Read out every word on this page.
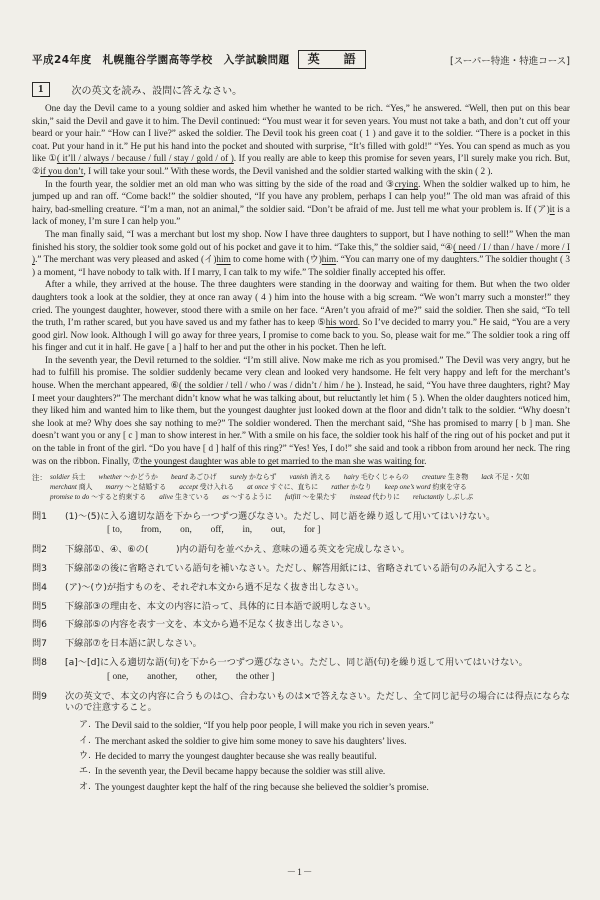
平成24年度　札幌龍谷学園高等学校　入学試験問題	英　　語	[スーパー特進・特進コース]
1	次の英文を読み、設問に答えなさい。

One day the Devil came to a young soldier and asked him whether he wanted to be rich. “Yes,” he answered. “Well, then put on this bear skin,” said the Devil and gave it to him. The Devil continued: “You must wear it for seven years. You must not take a bath, and don’t cut off your beard or your hair.” “How can I live?” asked the soldier. The Devil took his green coat ( 1 ) and gave it to the soldier. “There is a pocket in this coat. Put your hand in it.” He put his hand into the pocket and shouted with surprise, “It’s filled with gold!” “Yes. You can spend as much as you like ①( it’ll / always / because / full / stay / gold / of ). If you really are able to keep this promise for seven years, I’ll surely make you rich. But, ②if you don’t, I will take your soul.” With these words, the Devil vanished and the soldier started walking with the skin ( 2 ).

In the fourth year, the soldier met an old man who was sitting by the side of the road and ③crying. When the soldier walked up to him, he jumped up and ran off. “Come back!” the soldier shouted, “If you have any problem, perhaps I can help you!” The old man was afraid of this hairy, bad-smelling creature. “I’m a man, not an animal,” the soldier said. “Don’t be afraid of me. Just tell me what your problem is. If (ア)it is a lack of money, I’m sure I can help you.”

The man finally said, “I was a merchant but lost my shop. Now I have three daughters to support, but I have nothing to sell!” When the man finished his story, the soldier took some gold out of his pocket and gave it to him. “Take this,” the soldier said, “④( need / I / than / have / more / I ).” The merchant was very pleased and asked (イ)him to come home with (ウ)him. “You can marry one of my daughters.” The soldier thought ( 3 ) a moment, “I have nobody to talk with. If I marry, I can talk to my wife.” The soldier finally accepted his offer.

After a while, they arrived at the house. The three daughters were standing in the doorway and waiting for them. But when the two older daughters took a look at the soldier, they at once ran away ( 4 ) him into the house with a big scream. “We won’t marry such a monster!” they cried. The youngest daughter, however, stood there with a smile on her face. “Aren’t you afraid of me?” said the soldier. Then she said, “To tell the truth, I’m rather scared, but you have saved us and my father has to keep ⑤his word. So I’ve decided to marry you.” He said, “You are a very good girl. Now look. Although I will go away for three years, I promise to come back to you. So, please wait for me.” The soldier took a ring off his finger and cut it in half. He gave [ a ] half to her and put the other in his pocket. Then he left.

In the seventh year, the Devil returned to the soldier. “I’m still alive. Now make me rich as you promised.” The Devil was very angry, but he had to fulfill his promise. The soldier suddenly became very clean and looked very handsome. He felt very happy and left for the merchant’s house. When the merchant appeared, ⑥( the soldier / tell / who / was / didn’t / him / he ). Instead, he said, “You have three daughters, right? May I meet your daughters?” The merchant didn’t know what he was talking about, but reluctantly let him ( 5 ). When the older daughters noticed him, they liked him and wanted him to like them, but the youngest daughter just looked down at the floor and didn’t talk to the soldier. “Why doesn’t she look at me? Why does she say nothing to me?” The soldier wondered. Then the merchant said, “She has promised to marry [ b ] man. She doesn’t want you or any [ c ] man to show interest in her.” With a smile on his face, the soldier took his half of the ring out of his pocket and put it on the table in front of the girl. “Do you have [ d ] half of this ring?” “Yes! Yes, I do!” she said and took a ribbon from around her neck. The ring was on the ribbon. Finally, ⑦the youngest daughter was able to get married to the man she was waiting for.

注： soldier 兵士 whether ～かどうか beard あごひげ surely かならず vanish 消える hairy 毛むくじゃらの creature 生き物 lack 不足・欠如
merchant 商人 marry ～と結婚する accept 受け入れる at once すぐに、直ちに rather かなり keep one’s word 約束を守る
promise to do ～すると約束する alive 生きている as ～するように fulfill ～を果たす instead 代わりに reluctantly しぶしぶ
問1	(1)～(5)に入る適切な語を下から一つずつ選びなさい。ただし、同じ語を繰り返して用いてはいけない。
[ to,　　from,　　on,　　off,　　in,　　out,　　for ]
問2	下線部①、④、⑥の(　　　)内の語句を並べかえ、意味の通る英文を完成しなさい。
問3	下線部②の後に省略されている語句を補いなさい。ただし、解答用紙には、省略されている語句のみ記入すること。
問4	(ア)～(ウ)が指すものを、それぞれ本文から過不足なく抜き出しなさい。
問5	下線部③の理由を、本文の内容に沿って、具体的に日本語で説明しなさい。
問6	下線部⑤の内容を表す一文を、本文から過不足なく抜き出しなさい。
問7	下線部⑦を日本語に訳しなさい。
問8	[a]～[d]に入る適切な語(句)を下から一つずつ選びなさい。ただし、同じ語(句)を繰り返して用いてはいけない。
[ one,　　another,　　other,　　the other ]
問9	次の英文で、本文の内容に合うものは○、合わないものは×で答えなさい。ただし、全て同じ記号の場合には得点にならないので注意すること。
ア. The Devil said to the soldier, “If you help poor people, I will make you rich in seven years.”
イ. The merchant asked the soldier to give him some money to save his daughters’ lives.
ウ. He decided to marry the youngest daughter because she was really beautiful.
エ. In the seventh year, the Devil became happy because the soldier was still alive.
オ. The youngest daughter kept the half of the ring because she believed the soldier’s promise.
－1－
